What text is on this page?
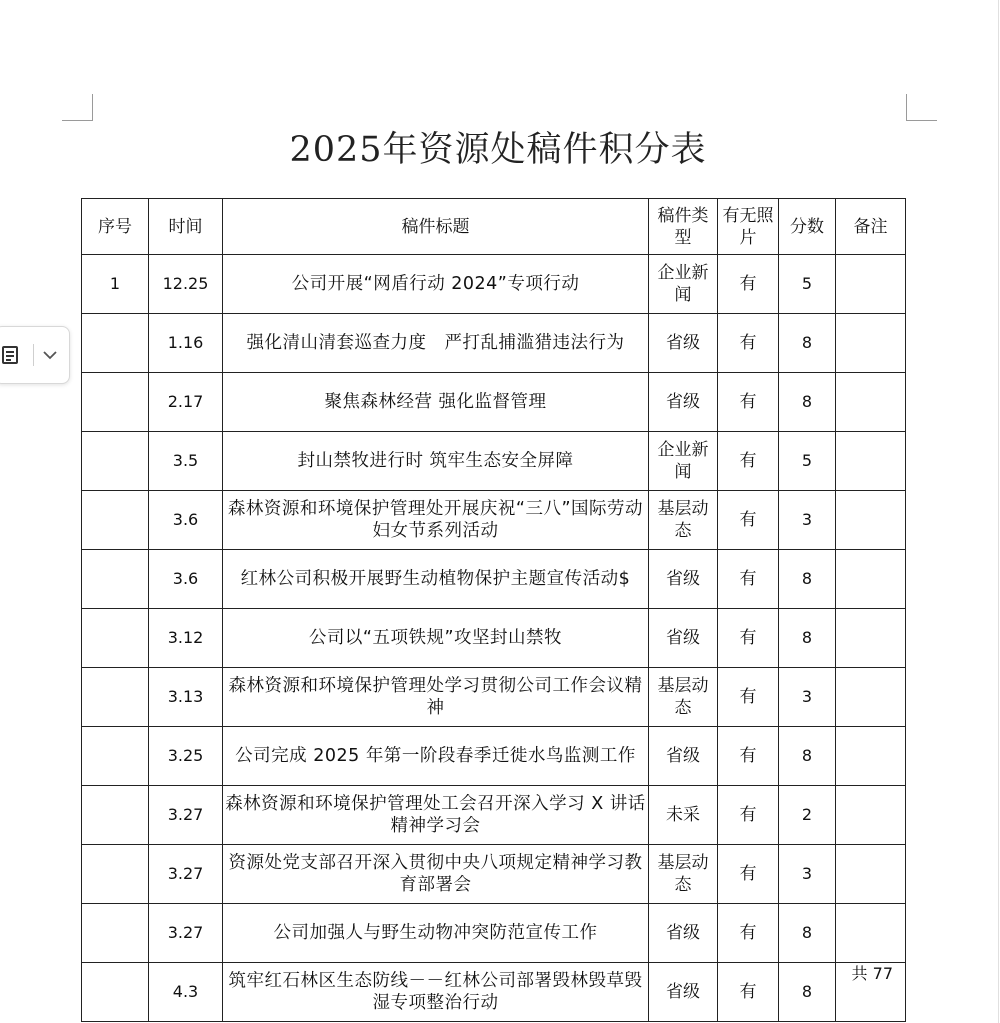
2025年资源处稿件积分表
序号	时间	稿件标题	稿件类型	有无照片	分数	备注
1	12.25	公司开展“网盾行动 2024”专项行动	企业新闻	有	5	
	1.16	强化清山清套巡查力度　严打乱捕滥猎违法行为	省级	有	8	
	2.17	聚焦森林经营 强化监督管理	省级	有	8	
	3.5	封山禁牧进行时 筑牢生态安全屏障	企业新闻	有	5	
	3.6	森林资源和环境保护管理处开展庆祝“三八”国际劳动妇女节系列活动	基层动态	有	3	
	3.6	红林公司积极开展野生动植物保护主题宣传活动$	省级	有	8	
	3.12	公司以“五项铁规”攻坚封山禁牧	省级	有	8	
	3.13	森林资源和环境保护管理处学习贯彻公司工作会议精神	基层动态	有	3	
	3.25	公司完成 2025 年第一阶段春季迁徙水鸟监测工作	省级	有	8	
	3.27	森林资源和环境保护管理处工会召开深入学习 X 讲话精神学习会	未采	有	2	
	3.27	资源处党支部召开深入贯彻中央八项规定精神学习教育部署会	基层动态	有	3	
	3.27	公司加强人与野生动物冲突防范宣传工作	省级	有	8	
	4.3	筑牢红石林区生态防线－－红林公司部署毁林毁草毁湿专项整治行动	省级	有	8	共 77
